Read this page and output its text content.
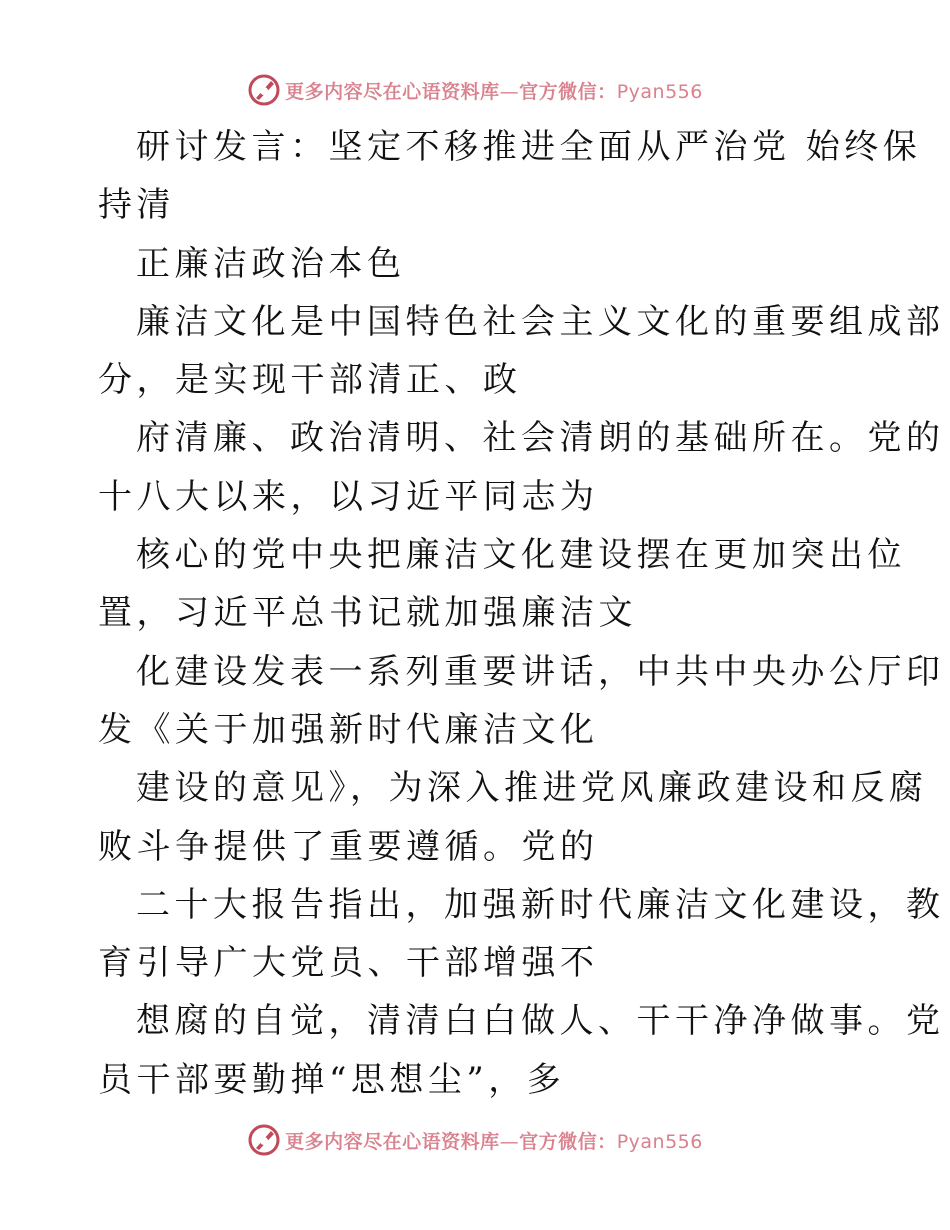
更多内容尽在心语资料库—官方微信：Pyan556
研讨发言：坚定不移推进全面从严治党 始终保
持清
正廉洁政治本色
廉洁文化是中国特色社会主义文化的重要组成部
分，是实现干部清正、政
府清廉、政治清明、社会清朗的基础所在。党的
十八大以来，以习近平同志为
核心的党中央把廉洁文化建设摆在更加突出位
置，习近平总书记就加强廉洁文
化建设发表一系列重要讲话，中共中央办公厅印
发《关于加强新时代廉洁文化
建设的意见》，为深入推进党风廉政建设和反腐
败斗争提供了重要遵循。党的
二十大报告指出，加强新时代廉洁文化建设，教
育引导广大党员、干部增强不
想腐的自觉，清清白白做人、干干净净做事。党
员干部要勤掸“思想尘”，多
更多内容尽在心语资料库—官方微信：Pyan556
